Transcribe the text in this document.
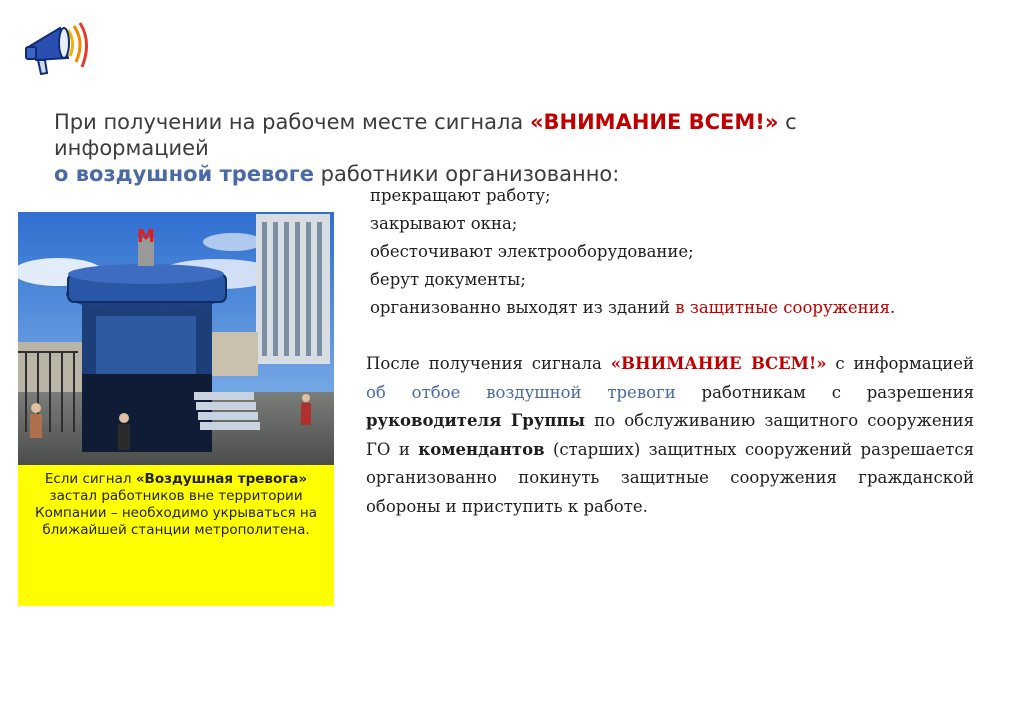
При получении на рабочем месте сигнала «ВНИМАНИЕ ВСЕМ!» с информацией
о воздушной тревоге работники организованно:
М
Если сигнал «Воздушная тревога» застал работников вне территории Компании – необходимо укрываться на ближайшей станции метрополитена.
прекращают работу;
закрывают окна;
обесточивают электрооборудование;
берут документы;
организованно выходят из зданий в защитные сооружения.
После получения сигнала «ВНИМАНИЕ ВСЕМ!» с информацией об отбое воздушной тревоги работникам с разрешения руководителя Группы по обслуживанию защитного сооружения ГО и комендантов (старших) защитных сооружений разрешается организованно покинуть защитные сооружения гражданской обороны и приступить к работе.
